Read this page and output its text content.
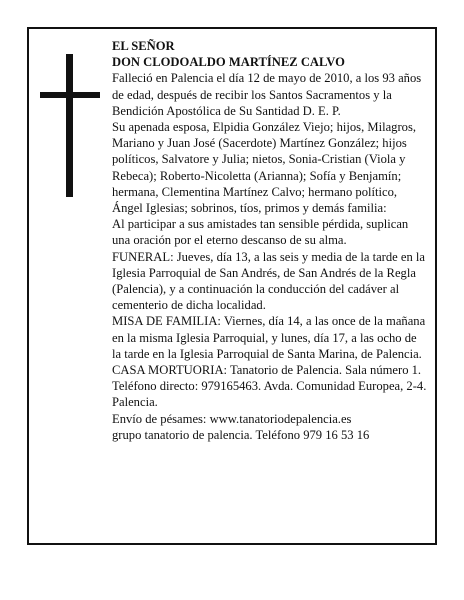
EL SEÑOR

DON CLODOALDO MARTÍNEZ CALVO

Falleció en Palencia el día 12 de mayo de 2010, a los 93 años de edad, después de recibir los Santos Sacramentos y la Bendición Apostólica de Su Santidad D. E. P.

Su apenada esposa, Elpidia González Viejo; hijos, Milagros, Mariano y Juan José (Sacerdote) Martínez González; hijos políticos, Salvatore y Julia; nietos, Sonia-Cristian (Viola y Rebeca); Roberto-Nicoletta (Arianna); Sofía y Benjamín; hermana, Clementina Martínez Calvo; hermano político, Ángel Iglesias; sobrinos, tíos, primos y demás familia:

Al participar a sus amistades tan sensible pérdida, suplican una oración por el eterno descanso de su alma.

FUNERAL: Jueves, día 13, a las seis y media de la tarde en la Iglesia Parroquial de San Andrés, de San Andrés de la Regla (Palencia), y a continuación la conducción del cadáver al cementerio de dicha localidad.

MISA DE FAMILIA: Viernes, día 14, a las once de la mañana en la misma Iglesia Parroquial, y lunes, día 17, a las ocho de la tarde en la Iglesia Parroquial de Santa Marina, de Palencia.

CASA MORTUORIA: Tanatorio de Palencia. Sala número 1. Teléfono directo: 979165463. Avda. Comunidad Europea, 2-4. Palencia.

Envío de pésames: www.tanatoriodepalencia.es

grupo tanatorio de palencia. Teléfono 979 16 53 16
